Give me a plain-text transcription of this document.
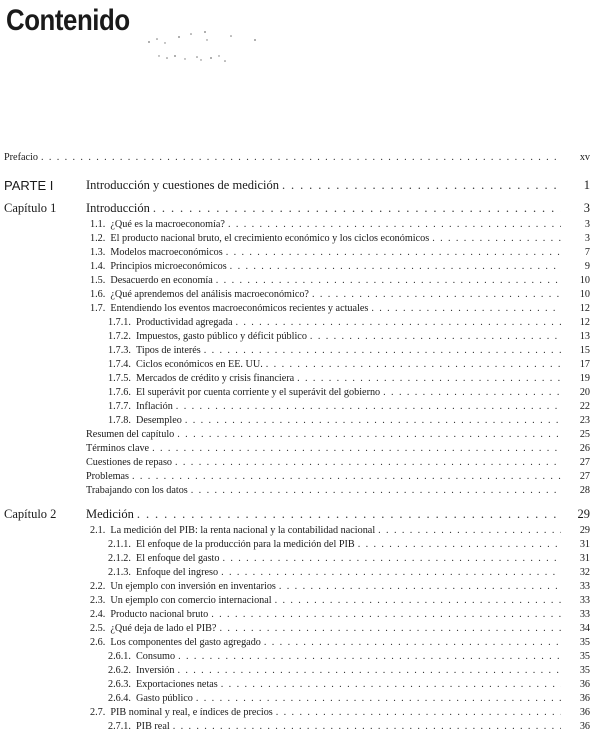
Contenido
Prefacio . . .	xv
PARTE I	Introducción y cuestiones de medición . . .	1
Capítulo 1 Introducción . . .	3
1.1. ¿Qué es la macroeconomía? . . .	3
1.2. El producto nacional bruto, el crecimiento económico y los ciclos económicos . . .	3
1.3. Modelos macroeconómicos . . .	7
1.4. Principios microeconómicos . . .	9
1.5. Desacuerdo en economía . . .	10
1.6. ¿Qué aprendemos del análisis macroeconómico? . . .	10
1.7. Entendiendo los eventos macroeconómicos recientes y actuales . . .	12
1.7.1. Productividad agregada . . .	12
1.7.2. Impuestos, gasto público y déficit público . . .	13
1.7.3. Tipos de interés . . .	15
1.7.4. Ciclos económicos en EE. UU. . . .	17
1.7.5. Mercados de crédito y crisis financiera . . .	19
1.7.6. El superávit por cuenta corriente y el superávit del gobierno . . .	20
1.7.7. Inflación . . .	22
1.7.8. Desempleo . . .	23
Resumen del capítulo . . .	25
Términos clave . . .	26
Cuestiones de repaso . . .	27
Problemas . . .	27
Trabajando con los datos . . .	28
Capítulo 2 Medición . . .	29
2.1. La medición del PIB: la renta nacional y la contabilidad nacional . . .	29
2.1.1. El enfoque de la producción para la medición del PIB . . .	31
2.1.2. El enfoque del gasto . . .	31
2.1.3. Enfoque del ingreso . . .	32
2.2. Un ejemplo con inversión en inventarios . . .	33
2.3. Un ejemplo con comercio internacional . . .	33
2.4. Producto nacional bruto . . .	33
2.5. ¿Qué deja de lado el PIB? . . .	34
2.6. Los componentes del gasto agregado . . .	35
2.6.1. Consumo . . .	35
2.6.2. Inversión . . .	35
2.6.3. Exportaciones netas . . .	36
2.6.4. Gasto público . . .	36
2.7. PIB nominal y real, e índices de precios . . .	36
2.7.1. PIB real . . .	36
